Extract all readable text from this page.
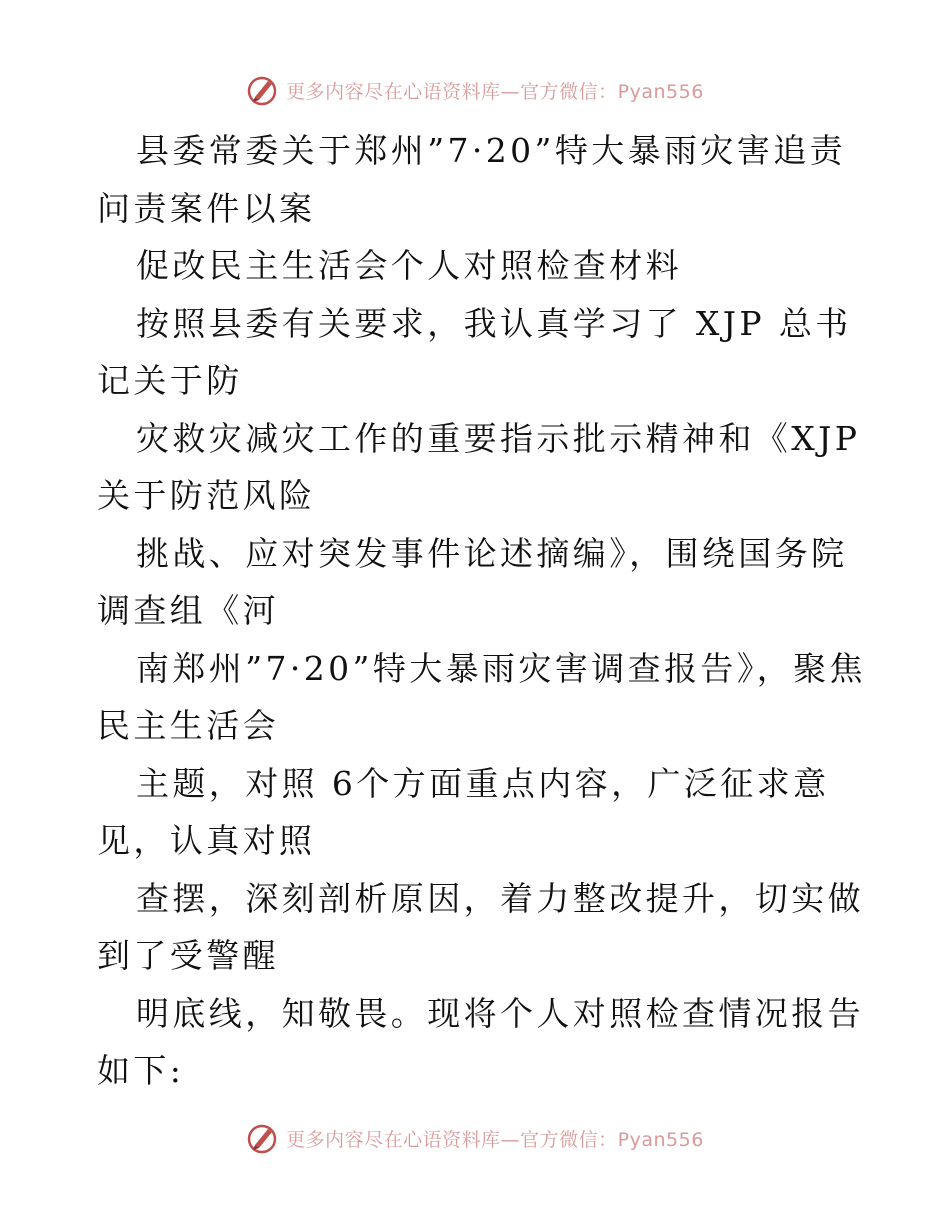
更多内容尽在心语资料库—官方微信：Pyan556

县委常委关于郑州”7·20”特大暴雨灾害追责问责案件以案

促改民主生活会个人对照检查材料

按照县委有关要求，我认真学习了 XJP 总书记关于防

灾救灾减灾工作的重要指示批示精神和《XJP 关于防范风险

挑战、应对突发事件论述摘编》，围绕国务院调查组《河

南郑州”7·20”特大暴雨灾害调查报告》，聚焦民主生活会

主题，对照 6个方面重点内容，广泛征求意见，认真对照

查摆，深刻剖析原因，着力整改提升，切实做到了受警醒

明底线，知敬畏。现将个人对照检查情况报告如下:

更多内容尽在心语资料库—官方微信：Pyan556
